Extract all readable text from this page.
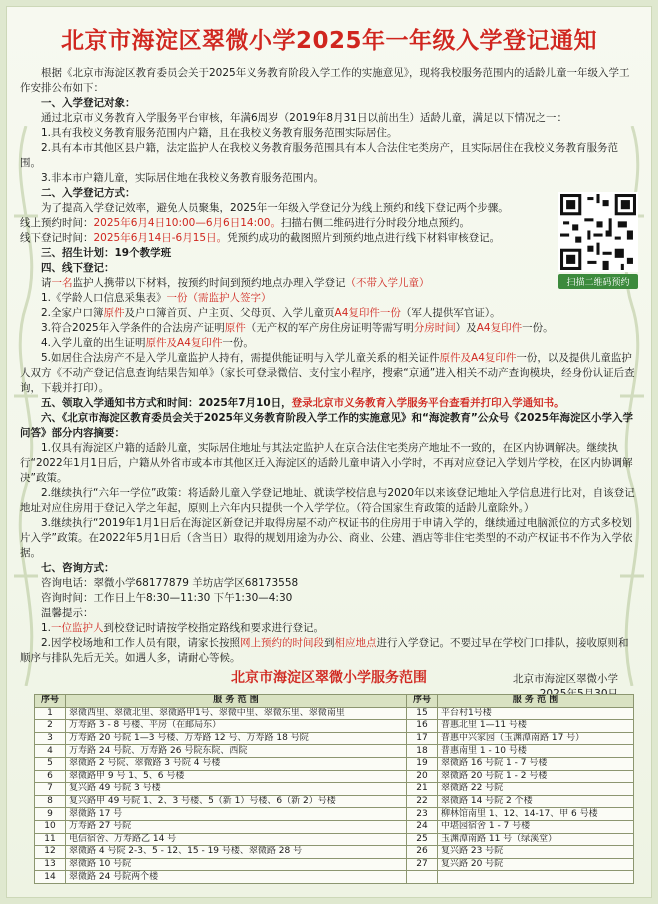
北京市海淀区翠微小学2025年一年级入学登记通知

根据《北京市海淀区教育委员会关于2025年义务教育阶段入学工作的实施意见》，现将我校服务范围内的适龄儿童一年级入学工作安排公布如下：

一、入学登记对象：

通过北京市义务教育入学服务平台审核，年满6周岁（2019年8月31日以前出生）适龄儿童，满足以下情况之一：

1.具有我校义务教育服务范围内户籍，且在我校义务教育服务范围实际居住。

2.具有本市其他区县户籍，法定监护人在我校义务教育服务范围具有本人合法住宅类房产，且实际居住在我校义务教育服务范围。

3.非本市户籍儿童，实际居住地在我校义务教育服务范围内。

二、入学登记方式：

为了提高入学登记效率，避免人员聚集，2025年一年级入学登记分为线上预约和线下登记两个步骤。

线上预约时间：2025年6月4日10:00—6月6日14:00。扫描右侧二维码进行分时段分地点预约。

线下登记时间：2025年6月14日-6月15日。凭预约成功的截图照片到预约地点进行线下材料审核登记。

三、招生计划：19个教学班

四、线下登记：

请一名监护人携带以下材料，按预约时间到预约地点办理入学登记（不带入学儿童）

1.《学龄人口信息采集表》一份（需监护人签字）

2.全家户口簿原件及户口簿首页、户主页、父母页、入学儿童页A4复印件一份（军人提供军官证）。

3.符合2025年入学条件的合法房产证明原件（无产权的军产房住房证明等需写明分房时间）及A4复印件一份。

4.入学儿童的出生证明原件及A4复印件一份。

5.如居住合法房产不是入学儿童监护人持有，需提供能证明与入学儿童关系的相关证件原件及A4复印件一份，以及提供儿童监护人双方《不动产登记信息查询结果告知单》（家长可登录微信、支付宝小程序，搜索“京通”进入相关不动产查询模块，经身份认证后查询，下载并打印）。

五、领取入学通知书方式和时间：2025年7月10日，登录北京市义务教育入学服务平台查看并打印入学通知书。

六、《北京市海淀区教育委员会关于2025年义务教育阶段入学工作的实施意见》和“海淀教育”公众号《2025年海淀区小学入学问答》部分内容摘要：

1.仅具有海淀区户籍的适龄儿童，实际居住地址与其法定监护人在京合法住宅类房产地址不一致的，在区内协调解决。继续执行“2022年1月1日后，户籍从外省市或本市其他区迁入海淀区的适龄儿童申请入小学时，不再对应登记入学划片学校，在区内协调解决”政策。

2.继续执行“六年一学位”政策：将适龄儿童入学登记地址、就读学校信息与2020年以来该登记地址入学信息进行比对，自该登记地址对应住房用于登记入学之年起，原则上六年内只提供一个入学学位。（符合国家生育政策的适龄儿童除外。）

3.继续执行“2019年1月1日后在海淀区新登记并取得房屋不动产权证书的住房用于申请入学的，继续通过电脑派位的方式多校划片入学”政策。在2022年5月1日后（含当日）取得的规划用途为办公、商业、公建、酒店等非住宅类型的不动产权证书不作为入学依据。

七、咨询方式：

咨询电话：翠微小学68177879 羊坊店学区68173558

咨询时间：工作日上午8:30—11:30 下午1:30—4:30

温馨提示：

1.一位监护人到校登记时请按学校指定路线和要求进行登记。

2.因学校场地和工作人员有限，请家长按照网上预约的时间段到相应地点进行入学登记。不要过早在学校门口排队，接收原则和顺序与排队先后无关。如遇人多，请耐心等候。

北京市海淀区翠微小学

扫描二维码预约
北京市海淀区翠微小学服务范围
序号	服 务 范 围	序号	服 务 范 围
1	翠微西里、翠微北里、翠微路甲1号、翠微中里、翠微东里、翠微南里	15	平台村1号楼
2	万寿路 3 - 8 号楼、平房（在邮局东）	16	普惠北里 1—11 号楼
3	万寿路 20 号院 1—3 号楼、万寿路 12 号、万寿路 18 号院	17	普惠中兴家园（玉渊潭南路 17 号）
4	万寿路 24 号院、万寿路 26 号院东院、西院	18	普惠南里 1 - 10 号楼
5	翠微路 2 号院、翠微路 3 号院 4 号楼	19	翠微路 16 号院 1 - 7 号楼
6	翠微路甲 9 号 1、5、6 号楼	20	翠微路 20 号院 1 - 2 号楼
7	复兴路 49 号院 3 号楼	21	翠微路 22 号院
8	复兴路甲 49 号院 1、2、3 号楼、5（新 1）号楼、6（新 2）号楼	22	翠微路 14 号院 2 个楼
9	翠微路 17 号	23	柳林馆南里 1、12、14-17、甲 6 号楼
10	万寿路 27 号院	24	中堪园宿舍 1 - 7 号楼
11	电信宿舍、万寿路乙 14 号	25	玉渊潭南路 11 号（绿溪堂）
12	翠微路 4 号院 2-3、5 - 12、15 - 19 号楼、翠微路 28 号	26	复兴路 23 号院
13	翠微路 10 号院	27	复兴路 20 号院
14	翠微路 24 号院两个楼		
